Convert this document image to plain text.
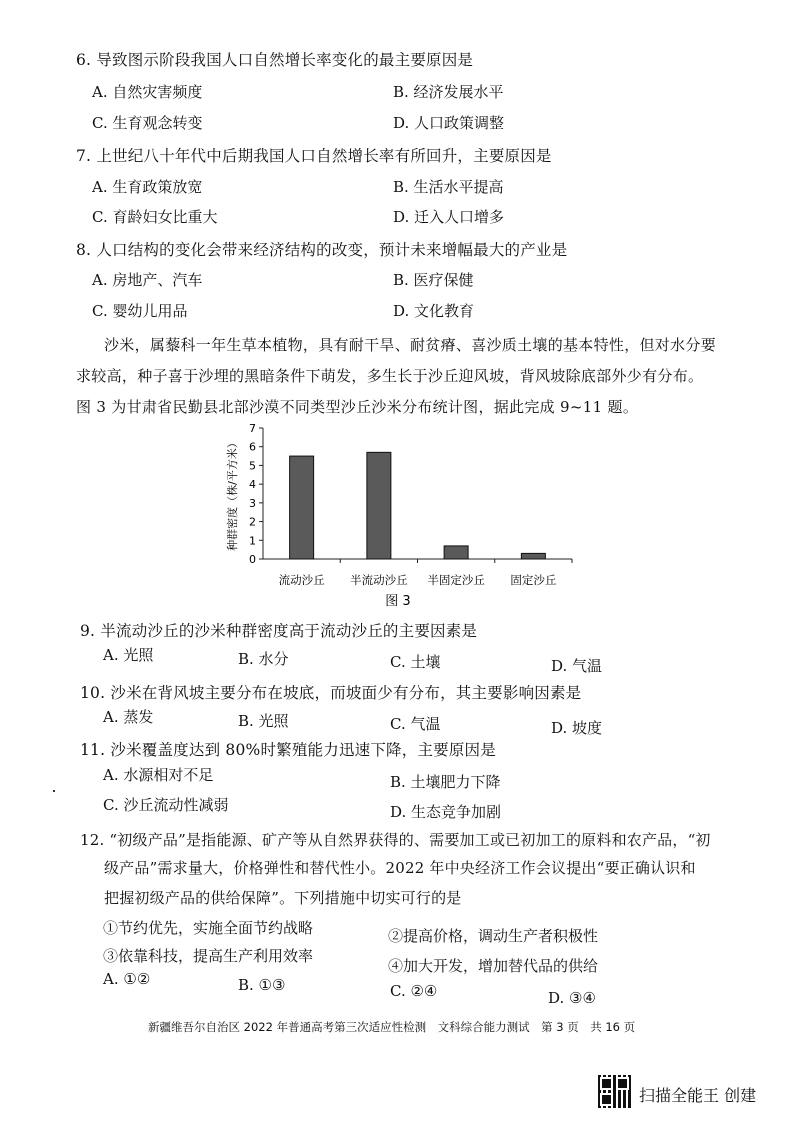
6. 导致图示阶段我国人口自然增长率变化的最主要原因是
A. 自然灾害频度	B. 经济发展水平
C. 生育观念转变	D. 人口政策调整
7. 上世纪八十年代中后期我国人口自然增长率有所回升，主要原因是
A. 生育政策放宽	B. 生活水平提高
C. 育龄妇女比重大	D. 迁入人口增多
8. 人口结构的变化会带来经济结构的改变，预计未来增幅最大的产业是
A. 房地产、汽车	B. 医疗保健
C. 婴幼儿用品	D. 文化教育
沙米，属藜科一年生草本植物，具有耐干旱、耐贫瘠、喜沙质土壤的基本特性，但对水分要
求较高，种子喜于沙埋的黑暗条件下萌发，多生长于沙丘迎风坡，背风坡除底部外少有分布。
图 3 为甘肃省民勤县北部沙漠不同类型沙丘沙米分布统计图，据此完成 9~11 题。
种群密度（株/平方米）
0
1
2
3
4
5
6
7
流动沙丘 半流动沙丘 半固定沙丘 固定沙丘
图 3
9. 半流动沙丘的沙米种群密度高于流动沙丘的主要因素是
A. 光照	B. 水分	C. 土壤	D. 气温
10. 沙米在背风坡主要分布在坡底，而坡面少有分布，其主要影响因素是
A. 蒸发	B. 光照	C. 气温	D. 坡度
11. 沙米覆盖度达到 80%时繁殖能力迅速下降，主要原因是
A. 水源相对不足	B. 土壤肥力下降
C. 沙丘流动性减弱	D. 生态竞争加剧
12. “初级产品”是指能源、矿产等从自然界获得的、需要加工或已初加工的原料和农产品，“初
级产品”需求量大，价格弹性和替代性小。2022 年中央经济工作会议提出“要正确认识和
把握初级产品的供给保障”。下列措施中切实可行的是
①节约优先，实施全面节约战略	②提高价格，调动生产者积极性
③依靠科技，提高生产利用效率
④加大开发，增加替代品的供给
A. ①②	B. ①③	C. ②④	D. ③④
新疆维吾尔自治区 2022 年普通高考第三次适应性检测　文科综合能力测试　第 3 页　共 16 页
扫描全能王 创建
